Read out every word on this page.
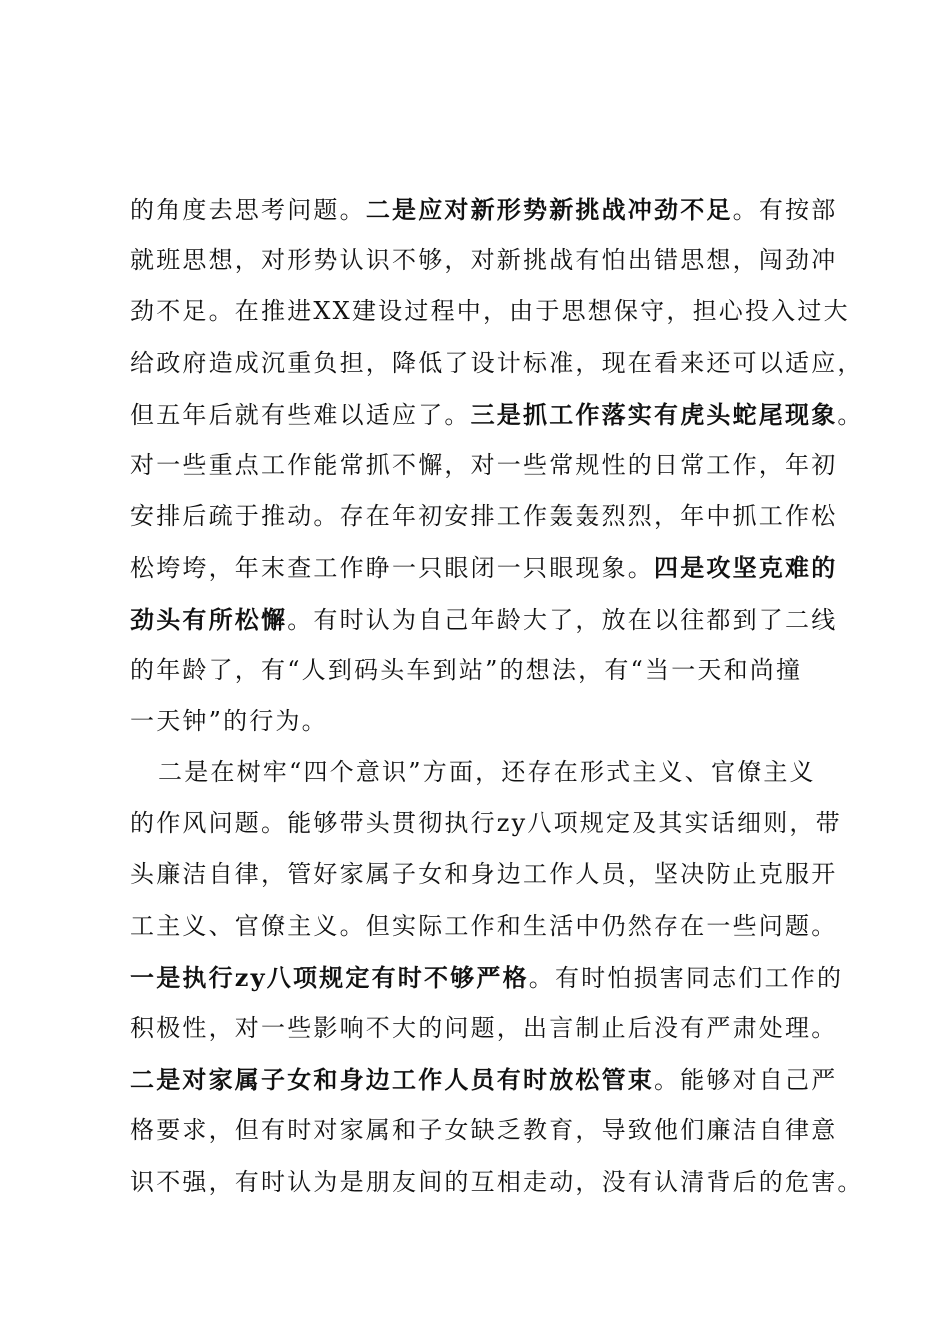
的角度去思考问题。二是应对新形势新挑战冲劲不足。有按部
就班思想，对形势认识不够，对新挑战有怕出错思想，闯劲冲
劲不足。在推进XX建设过程中，由于思想保守，担心投入过大
给政府造成沉重负担，降低了设计标准，现在看来还可以适应，
但五年后就有些难以适应了。三是抓工作落实有虎头蛇尾现象。
对一些重点工作能常抓不懈，对一些常规性的日常工作，年初
安排后疏于推动。存在年初安排工作轰轰烈烈，年中抓工作松
松垮垮，年末查工作睁一只眼闭一只眼现象。四是攻坚克难的
劲头有所松懈。有时认为自己年龄大了，放在以往都到了二线
的年龄了，有“人到码头车到站”的想法，有“当一天和尚撞
一天钟”的行为。
二是在树牢“四个意识”方面，还存在形式主义、官僚主义
的作风问题。能够带头贯彻执行zy八项规定及其实话细则，带
头廉洁自律，管好家属子女和身边工作人员，坚决防止克服开
工主义、官僚主义。但实际工作和生活中仍然存在一些问题。
一是执行zy八项规定有时不够严格。有时怕损害同志们工作的
积极性，对一些影响不大的问题，出言制止后没有严肃处理。
二是对家属子女和身边工作人员有时放松管束。能够对自己严
格要求，但有时对家属和子女缺乏教育，导致他们廉洁自律意
识不强，有时认为是朋友间的互相走动，没有认清背后的危害。
